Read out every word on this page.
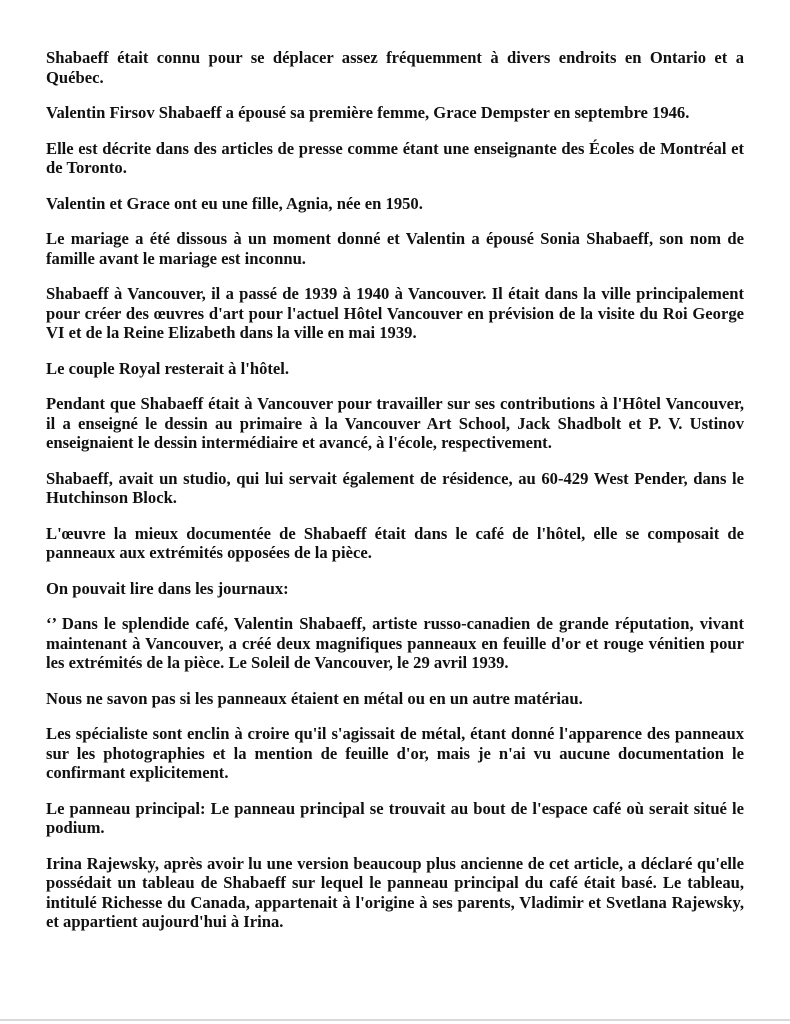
Shabaeff était connu pour se déplacer assez fréquemment à divers endroits en Ontario et a Québec.

Valentin Firsov Shabaeff a épousé sa première femme, Grace Dempster en septembre 1946.

Elle est décrite dans des articles de presse comme étant une enseignante des Écoles de Montréal et de Toronto.

Valentin et Grace ont eu une fille, Agnia, née en 1950.

Le mariage a été dissous à un moment donné et Valentin a épousé Sonia Shabaeff, son nom de famille avant le mariage est inconnu.

Shabaeff à Vancouver, il a passé de 1939 à 1940 à Vancouver. Il était dans la ville principalement pour créer des œuvres d'art pour l'actuel Hôtel Vancouver en prévision de la visite du Roi George VI et de la Reine Elizabeth dans la ville en mai 1939.

Le couple Royal resterait à l'hôtel.

Pendant que Shabaeff était à Vancouver pour travailler sur ses contributions à l'Hôtel Vancouver, il a enseigné le dessin au primaire à la Vancouver Art School, Jack Shadbolt et P. V. Ustinov enseignaient le dessin intermédiaire et avancé, à l'école, respectivement.

Shabaeff, avait un studio, qui lui servait également de résidence, au 60-429 West Pender, dans le Hutchinson Block.

L'œuvre la mieux documentée de Shabaeff était dans le café de l'hôtel, elle se composait de panneaux aux extrémités opposées de la pièce.

On pouvait lire dans les journaux:

‘’ Dans le splendide café, Valentin Shabaeff, artiste russo-canadien de grande réputation, vivant maintenant à Vancouver, a créé deux magnifiques panneaux en feuille d'or et rouge vénitien pour les extrémités de la pièce. Le Soleil de Vancouver, le 29 avril 1939.

Nous ne savon pas si les panneaux étaient en métal ou en un autre matériau.

Les spécialiste sont enclin à croire qu'il s'agissait de métal, étant donné l'apparence des panneaux sur les photographies et la mention de feuille d'or, mais je n'ai vu aucune documentation le confirmant explicitement.

Le panneau principal: Le panneau principal se trouvait au bout de l'espace café où serait situé le podium.

Irina Rajewsky, après avoir lu une version beaucoup plus ancienne de cet article, a déclaré qu'elle possédait un tableau de Shabaeff sur lequel le panneau principal du café était basé. Le tableau, intitulé Richesse du Canada, appartenait à l'origine à ses parents, Vladimir et Svetlana Rajewsky, et appartient aujourd'hui à Irina.
